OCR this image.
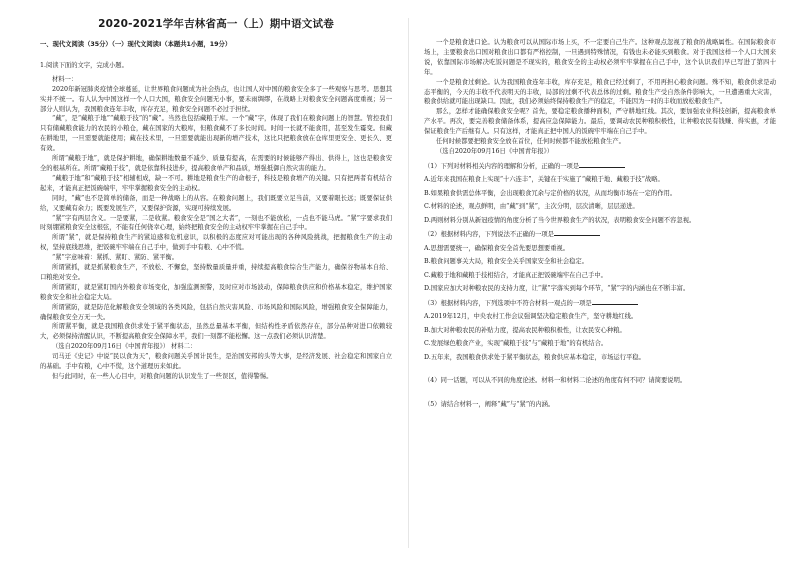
2020-2021学年吉林省高一（上）期中语文试卷
一、现代文阅读（35分）（一）现代文阅读Ⅰ（本题共1小题，19分）

1.阅读下面的文字，完成小题。

材料一：

2020年新冠肺炎疫情全球蔓延，让世界粮食问题成为社会热点，也让国人对中国的粮食安全多了一些观察与思考。思想其实并不统一。有人认为中国这样一个人口大国，粮食安全问题无小事，要未雨绸缪，在战略上对粮食安全问题高度重视；另一部分人则认为，我国粮食连年丰收，库存充足，粮食安全问题不必过于担忧。

“藏”，是“藏粮于地”“藏粮于技”的“藏”。当然也包括藏粮于库。一个“藏”字，体现了我们在粮食问题上的智慧。管控我们只有储藏粮食能力的农民的小粮仓，藏在国家的大粮库，但粮食藏不了多长时间。时间一长就不能食用，甚至发生霉变。但藏在耕地里，一旦需要就能使用；藏在技术里，一旦需要就能出现新的增产技术，这比只把粮食放在仓库里更安全、更长久、更有效。

所谓“藏粮于地”，就是保护耕地，确保耕地数量不减少、质量有提高，在需要的时候能够产得出、供得上，这也是粮食安全的根基所在。所谓“藏粮于技”，就是依靠科技进步，提高粮食单产和品质，增强抵御自然灾害的能力。

“藏粮于地”和“藏粮于技”相辅相成，缺一不可。耕地是粮食生产的命根子，科技是粮食增产的关键。只有把两者有机结合起来，才能真正把饭碗端牢，牢牢掌握粮食安全的主动权。

同时，“藏”也不是简单的储备，而是一种战略上的从容。在粮食问题上，我们既要立足当前，又要着眼长远；既要保证供给，又要藏有余力；既要发展生产，又要保护资源，实现可持续发展。

“紧”字有两层含义。一是要紧，二是收紧。粮食安全是“国之大者”，一刻也不能放松，一点也不能马虎。“紧”字要求我们时刻绷紧粮食安全这根弦，不能有任何侥幸心理，始终把粮食安全的主动权牢牢掌握在自己手中。

所谓“紧”，就是保持粮食生产的紧迫感和危机意识，以积极的态度应对可能出现的各种风险挑战，把握粮食生产的主动权，坚持底线思维，把饭碗牢牢端在自己手中，做到手中有粮、心中不慌。

“紧”字意味着：紧抓、紧盯、紧防、紧平衡。

所谓紧抓，就是抓紧粮食生产，不放松、不懈怠，坚持数量质量并重，持续提高粮食综合生产能力，确保谷物基本自给、口粮绝对安全。

所谓紧盯，就是紧盯国内外粮食市场变化，加强监测预警，及时应对市场波动，保障粮食供应和价格基本稳定，维护国家粮食安全和社会稳定大局。

所谓紧防，就是防范化解粮食安全领域的各类风险，包括自然灾害风险、市场风险和国际风险，增强粮食安全保障能力，确保粮食安全万无一失。

所谓紧平衡，就是我国粮食供求处于紧平衡状态，虽然总量基本平衡，但结构性矛盾依然存在，部分品种对进口依赖较大，必须保持清醒认识，不断提高粮食安全保障水平，我们一刻都不能松懈。这一点我们必须认识清楚。

（选自2020年09月16日《中国青年报》） 材料二：

司马迁《史记》中说“民以食为天”，粮食问题关乎国计民生，是治国安邦的头等大事，是经济发展、社会稳定和国家自立的基础。手中有粮，心中不慌，这个道理历来如此。

但与此同时，在一些人心目中，对粮食问题的认识发生了一些误区，值得警惕。

一个是粮食进口论。认为粮食可以从国际市场上买，不一定要自己生产。这种观点忽视了粮食的战略属性。在国际粮食市场上，主要粮食出口国对粮食出口都有严格控制，一旦遇到特殊情况，有钱也未必能买到粮食。对于我国这样一个人口大国来说，依靠国际市场解决吃饭问题是不现实的，粮食安全的主动权必须牢牢掌握在自己手中，这个认识我们早已写进了第四十年。

一个是粮食过剩论。认为我国粮食连年丰收，库存充足，粮食已经过剩了，不用再担心粮食问题。殊不知，粮食供求是动态平衡的，今天的丰收不代表明天的丰收，局部的过剩不代表总体的过剩。粮食生产受自然条件影响大，一旦遭遇重大灾害，粮食供给就可能出现缺口。因此，我们必须始终保持粮食生产的稳定，不能因为一时的丰收而放松粮食生产。

那么，怎样才能确保粮食安全呢？首先，要稳定粮食播种面积，严守耕地红线。其次，要加强农业科技创新，提高粮食单产水平。再次，要完善粮食储备体系，提高应急保障能力。最后，要调动农民种粮积极性，让种粮农民有钱赚、得实惠，才能保证粮食生产后继有人。只有这样，才能真正把中国人的饭碗牢牢端在自己手中。

任何时候都要把粮食安全放在首位，任何时候都不能放松粮食生产。

（选自2020年09月16日《中国青年报》）

（1）下列对材料相关内容的理解和分析，正确的一项是

A.近年来我国在粮食上实现“十六连丰”，关键在于实施了“藏粮于地、藏粮于技”战略。

B.如果粮食供需总体平衡，会出现粮食冗余与定价格的状况，从而均衡市场在一定的作用。

C.材料的论述，观点鲜明，由“藏”到“紧”，主次分明，层次清晰，层层递进。

D.两则材料分别从新冠疫情的角度分析了当今世界粮食生产的状况，表明粮食安全问题不容忽视。

（2）根据材料内容，下列说法不正确的一项是

A.思想需要统一，确保粮食安全首先要思想要重视。

B.粮食问题事关大局，粮食安全关乎国家安全和社会稳定。

C.藏粮于地和藏粮于技相结合，才能真正把饭碗端牢在自己手中。

D.国家应加大对种粮农民的支持力度，让“紧”字落实到每个环节，“紧”字的内涵也在不断丰富。

（3）根据材料内容，下列选项中不符合材料一观点的一项是

A.2019年12月，中央农村工作会议强调坚决稳定粮食生产，坚守耕地红线。

B.加大对种粮农民的补贴力度，提高农民种粮积极性，让农民安心种粮。

C.发展绿色粮食产业，实现“藏粮于技”与“藏粮于地”的有机结合。

D.五年来，我国粮食供求处于紧平衡状态，粮食供应基本稳定，市场运行平稳。

（4）同一话题，可以从不同的角度论述。材料一和材料二论述的角度有何不同？请简要说明。

（5）请结合材料一，阐释“藏”与“紧”的内涵。
